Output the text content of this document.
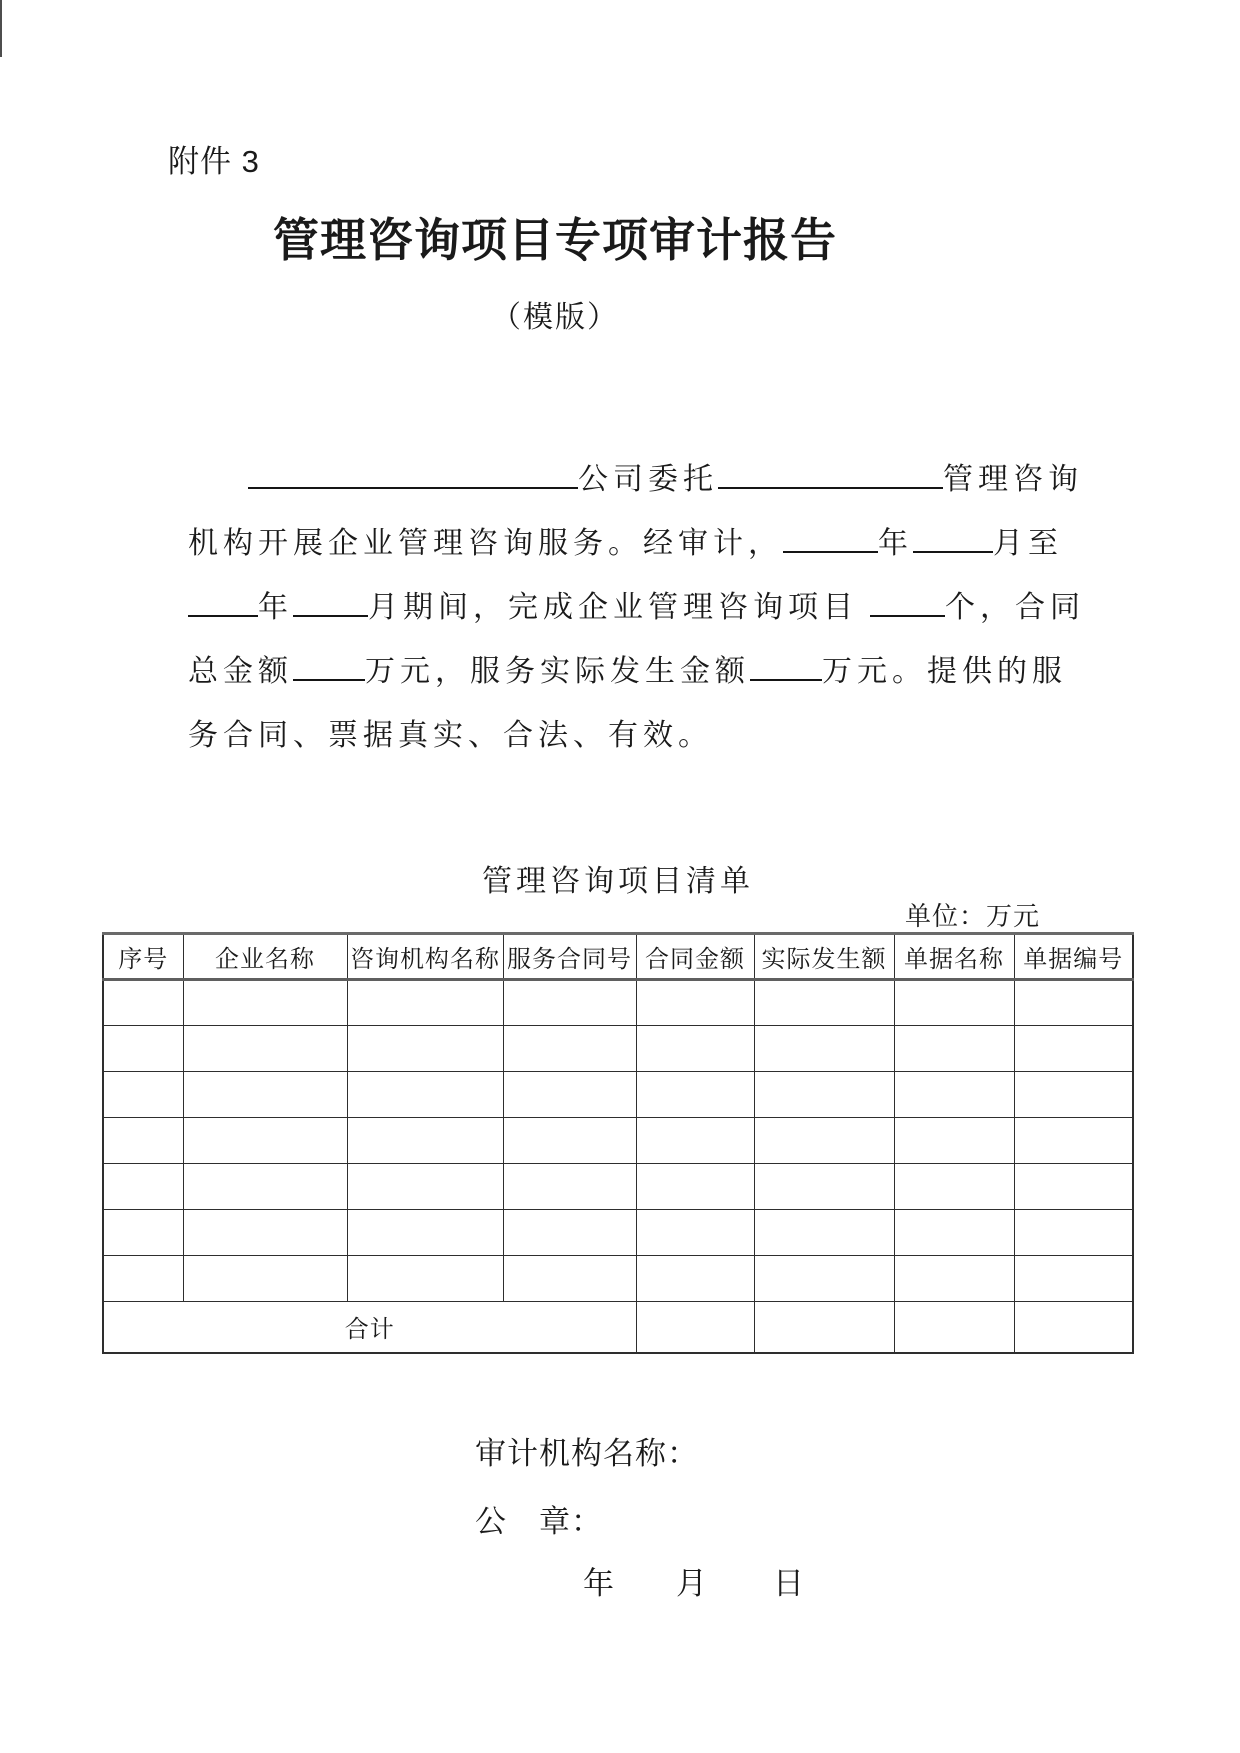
附件 3
管理咨询项目专项审计报告
（模版）
公司委托	管理咨询
机构开展企业管理咨询服务。经审计，	年	月至
年	月期间，完成企业管理咨询项目	个，合同
总金额 万元，服务实际发生金额 万元。提供的服
务合同、票据真实、合法、有效。
管理咨询项目清单
单位：万元
序号	企业名称	咨询机构名称	服务合同号	合同金额	实际发生额	单据名称	单据编号

合计							
审计机构名称：
公　章：
年 月 日
